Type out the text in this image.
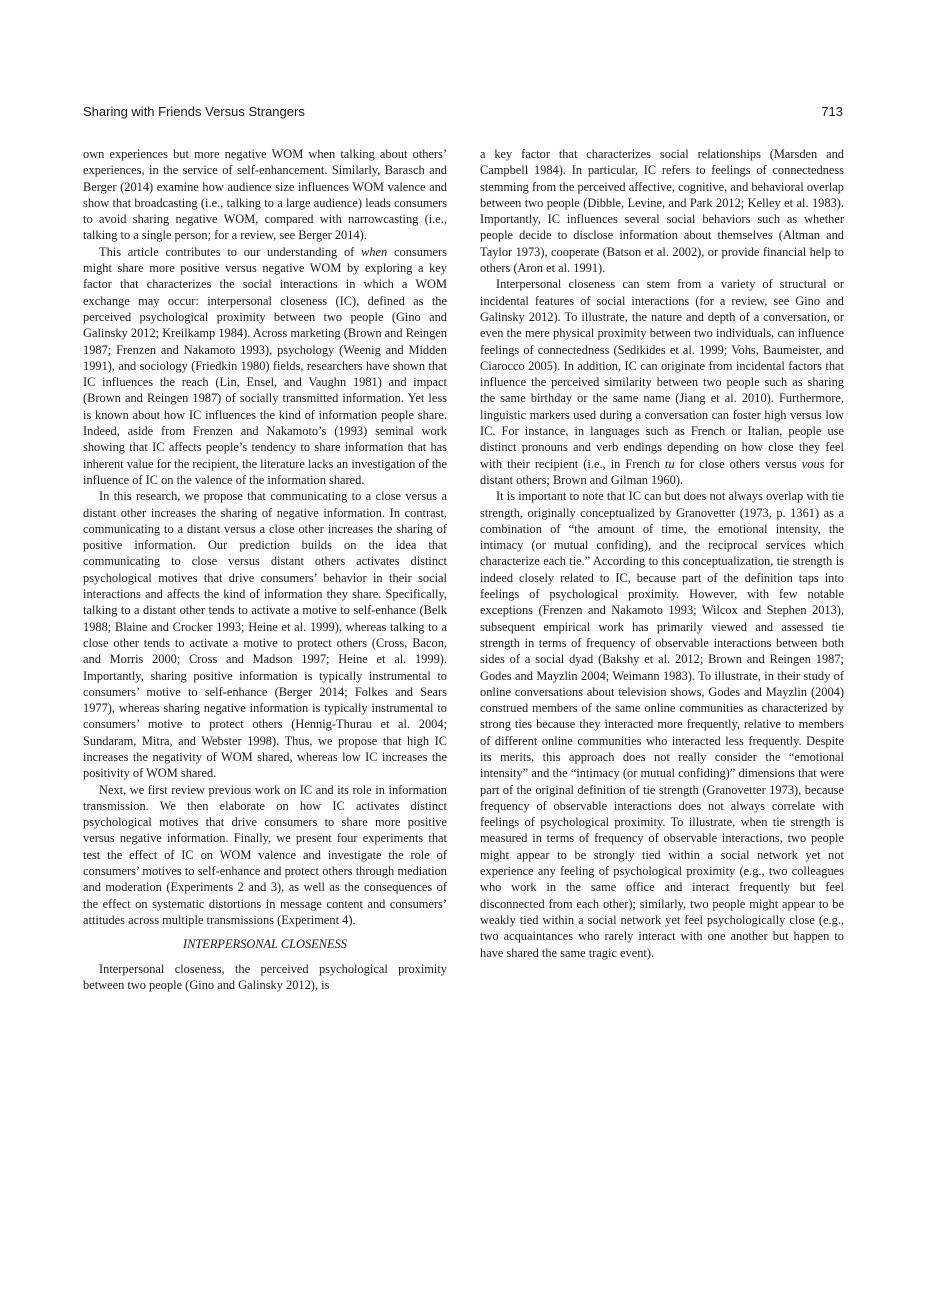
Sharing with Friends Versus Strangers	713

own experiences but more negative WOM when talking about others’ experiences, in the service of self-enhancement. Similarly, Barasch and Berger (2014) examine how audience size influences WOM valence and show that broadcasting (i.e., talking to a large audience) leads consumers to avoid sharing negative WOM, compared with narrowcasting (i.e., talking to a single person; for a review, see Berger 2014).

This article contributes to our understanding of when consumers might share more positive versus negative WOM by exploring a key factor that characterizes the social interactions in which a WOM exchange may occur: interpersonal closeness (IC), defined as the perceived psychological proximity between two people (Gino and Galinsky 2012; Kreilkamp 1984). Across marketing (Brown and Reingen 1987; Frenzen and Nakamoto 1993), psychology (Weenig and Midden 1991), and sociology (Friedkin 1980) fields, researchers have shown that IC influences the reach (Lin, Ensel, and Vaughn 1981) and impact (Brown and Reingen 1987) of socially transmitted information. Yet less is known about how IC influences the kind of information people share. Indeed, aside from Frenzen and Nakamoto’s (1993) seminal work showing that IC affects people’s tendency to share information that has inherent value for the recipient, the literature lacks an investigation of the influence of IC on the valence of the information shared.

In this research, we propose that communicating to a close versus a distant other increases the sharing of negative information. In contrast, communicating to a distant versus a close other increases the sharing of positive information. Our prediction builds on the idea that communicating to close versus distant others activates distinct psychological motives that drive consumers’ behavior in their social interactions and affects the kind of information they share. Specifically, talking to a distant other tends to activate a motive to self-enhance (Belk 1988; Blaine and Crocker 1993; Heine et al. 1999), whereas talking to a close other tends to activate a motive to protect others (Cross, Bacon, and Morris 2000; Cross and Madson 1997; Heine et al. 1999). Importantly, sharing positive information is typically instrumental to consumers’ motive to self-enhance (Berger 2014; Folkes and Sears 1977), whereas sharing negative information is typically instrumental to consumers’ motive to protect others (Hennig-Thurau et al. 2004; Sundaram, Mitra, and Webster 1998). Thus, we propose that high IC increases the negativity of WOM shared, whereas low IC increases the positivity of WOM shared.

Next, we first review previous work on IC and its role in information transmission. We then elaborate on how IC activates distinct psychological motives that drive consumers to share more positive versus negative information. Finally, we present four experiments that test the effect of IC on WOM valence and investigate the role of consumers’ motives to self-enhance and protect others through mediation and moderation (Experiments 2 and 3), as well as the consequences of the effect on systematic distortions in message content and consumers’ attitudes across multiple transmissions (Experiment 4).

INTERPERSONAL CLOSENESS

Interpersonal closeness, the perceived psychological proximity between two people (Gino and Galinsky 2012), is

a key factor that characterizes social relationships (Marsden and Campbell 1984). In particular, IC refers to feelings of connectedness stemming from the perceived affective, cognitive, and behavioral overlap between two people (Dibble, Levine, and Park 2012; Kelley et al. 1983). Importantly, IC influences several social behaviors such as whether people decide to disclose information about themselves (Altman and Taylor 1973), cooperate (Batson et al. 2002), or provide financial help to others (Aron et al. 1991).

Interpersonal closeness can stem from a variety of structural or incidental features of social interactions (for a review, see Gino and Galinsky 2012). To illustrate, the nature and depth of a conversation, or even the mere physical proximity between two individuals, can influence feelings of connectedness (Sedikides et al. 1999; Vohs, Baumeister, and Ciarocco 2005). In addition, IC can originate from incidental factors that influence the perceived similarity between two people such as sharing the same birthday or the same name (Jiang et al. 2010). Furthermore, linguistic markers used during a conversation can foster high versus low IC. For instance, in languages such as French or Italian, people use distinct pronouns and verb endings depending on how close they feel with their recipient (i.e., in French tu for close others versus vous for distant others; Brown and Gilman 1960).

It is important to note that IC can but does not always overlap with tie strength, originally conceptualized by Granovetter (1973, p. 1361) as a combination of “the amount of time, the emotional intensity, the intimacy (or mutual confiding), and the reciprocal services which characterize each tie.” According to this conceptualization, tie strength is indeed closely related to IC, because part of the definition taps into feelings of psychological proximity. However, with few notable exceptions (Frenzen and Nakamoto 1993; Wilcox and Stephen 2013), subsequent empirical work has primarily viewed and assessed tie strength in terms of frequency of observable interactions between both sides of a social dyad (Bakshy et al. 2012; Brown and Reingen 1987; Godes and Mayzlin 2004; Weimann 1983). To illustrate, in their study of online conversations about television shows, Godes and Mayzlin (2004) construed members of the same online communities as characterized by strong ties because they interacted more frequently, relative to members of different online communities who interacted less frequently. Despite its merits, this approach does not really consider the “emotional intensity” and the “intimacy (or mutual confiding)” dimensions that were part of the original definition of tie strength (Granovetter 1973), because frequency of observable interactions does not always correlate with feelings of psychological proximity. To illustrate, when tie strength is measured in terms of frequency of observable interactions, two people might appear to be strongly tied within a social network yet not experience any feeling of psychological proximity (e.g., two colleagues who work in the same office and interact frequently but feel disconnected from each other); similarly, two people might appear to be weakly tied within a social network yet feel psychologically close (e.g., two acquaintances who rarely interact with one another but happen to have shared the same tragic event).
